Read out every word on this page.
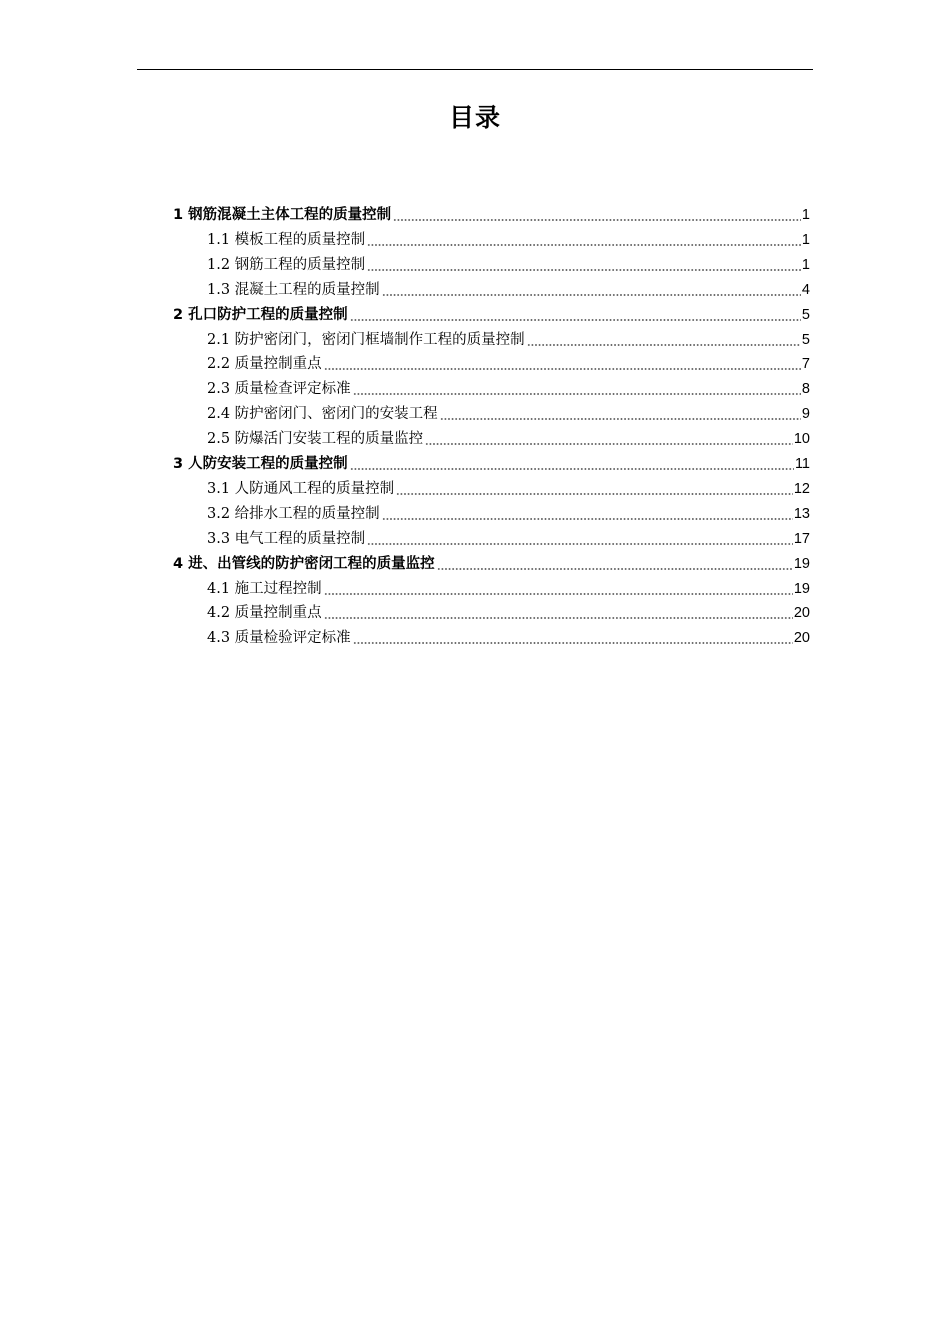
目录
1 钢筋混凝土主体工程的质量控制	1
1.1 模板工程的质量控制	1
1.2 钢筋工程的质量控制	1
1.3 混凝土工程的质量控制	4
2 孔口防护工程的质量控制	5
2.1 防护密闭门，密闭门框墙制作工程的质量控制	5
2.2 质量控制重点	7
2.3 质量检查评定标准	8
2.4 防护密闭门、密闭门的安装工程	9
2.5 防爆活门安装工程的质量监控	10
3 人防安装工程的质量控制	11
3.1 人防通风工程的质量控制	12
3.2 给排水工程的质量控制	13
3.3 电气工程的质量控制	17
4 进、出管线的防护密闭工程的质量监控	19
4.1 施工过程控制	19
4.2 质量控制重点	20
4.3 质量检验评定标准	20
